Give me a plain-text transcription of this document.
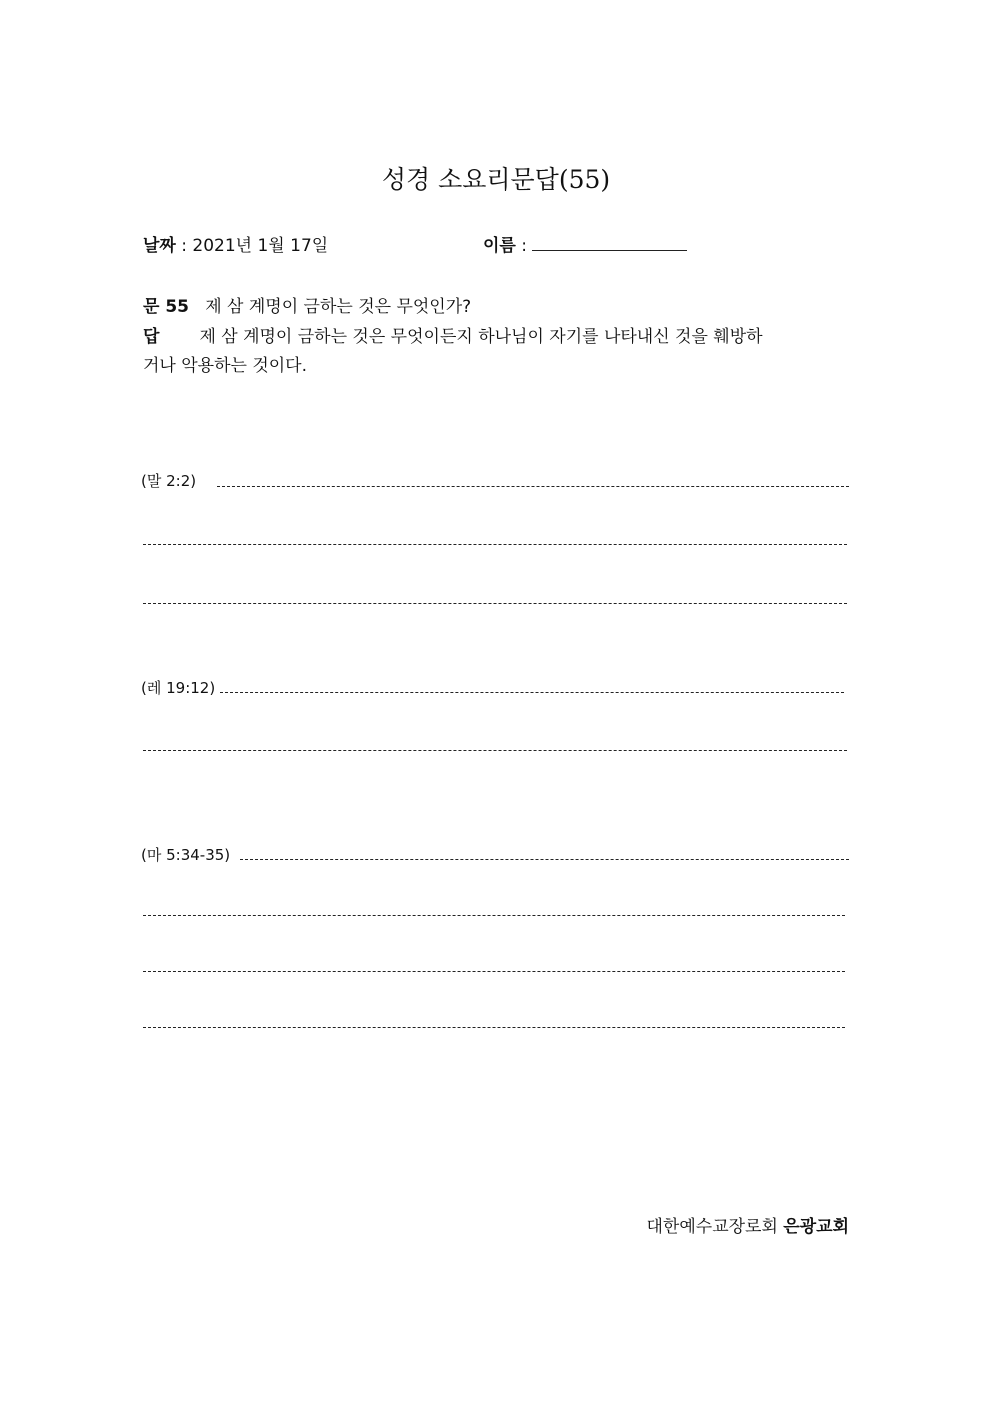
성경 소요리문답(55)
날짜 : 2021년 1월 17일	이름 :
문 55 제 삼 계명이 금하는 것은 무엇인가?
답 제 삼 계명이 금하는 것은 무엇이든지 하나님이 자기를 나타내신 것을 훼방하
거나 악용하는 것이다.
(말 2:2)
(레 19:12)
(마 5:34-35)
대한예수교장로회 은광교회
